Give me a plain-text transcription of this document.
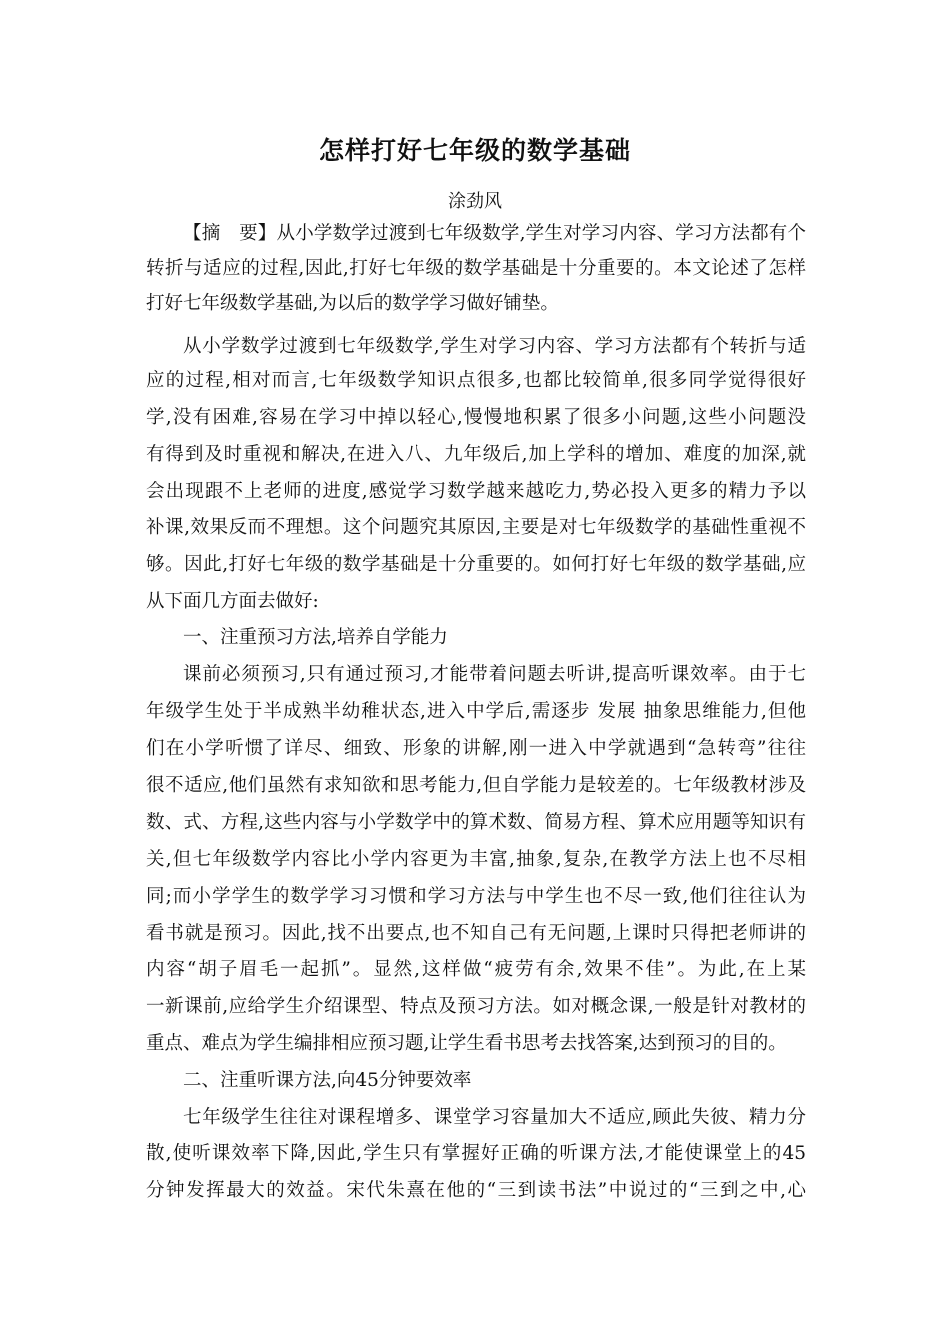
怎样打好七年级的数学基础
涂劲风
【摘　要】从小学数学过渡到七年级数学,学生对学习内容、学习方法都有个
转折与适应的过程,因此,打好七年级的数学基础是十分重要的。本文论述了怎样
打好七年级数学基础,为以后的数学学习做好铺垫。
从小学数学过渡到七年级数学,学生对学习内容、学习方法都有个转折与适
应的过程,相对而言,七年级数学知识点很多,也都比较简单,很多同学觉得很好
学,没有困难,容易在学习中掉以轻心,慢慢地积累了很多小问题,这些小问题没
有得到及时重视和解决,在进入八、九年级后,加上学科的增加、难度的加深,就
会出现跟不上老师的进度,感觉学习数学越来越吃力,势必投入更多的精力予以
补课,效果反而不理想。这个问题究其原因,主要是对七年级数学的基础性重视不
够。因此,打好七年级的数学基础是十分重要的。如何打好七年级的数学基础,应
从下面几方面去做好:
一、注重预习方法,培养自学能力
课前必须预习,只有通过预习,才能带着问题去听讲,提高听课效率。由于七
年级学生处于半成熟半幼稚状态,进入中学后,需逐步 发展 抽象思维能力,但他
们在小学听惯了详尽、细致、形象的讲解,刚一进入中学就遇到“急转弯”往往
很不适应,他们虽然有求知欲和思考能力,但自学能力是较差的。七年级教材涉及
数、式、方程,这些内容与小学数学中的算术数、简易方程、算术应用题等知识有
关,但七年级数学内容比小学内容更为丰富,抽象,复杂,在教学方法上也不尽相
同;而小学学生的数学学习习惯和学习方法与中学生也不尽一致,他们往往认为
看书就是预习。因此,找不出要点,也不知自己有无问题,上课时只得把老师讲的
内容“胡子眉毛一起抓”。显然,这样做“疲劳有余,效果不佳”。为此,在上某
一新课前,应给学生介绍课型、特点及预习方法。如对概念课,一般是针对教材的
重点、难点为学生编排相应预习题,让学生看书思考去找答案,达到预习的目的。
二、注重听课方法,向45分钟要效率
七年级学生往往对课程增多、课堂学习容量加大不适应,顾此失彼、精力分
散,使听课效率下降,因此,学生只有掌握好正确的听课方法,才能使课堂上的45
分钟发挥最大的效益。宋代朱熹在他的“三到读书法”中说过的“三到之中,心
